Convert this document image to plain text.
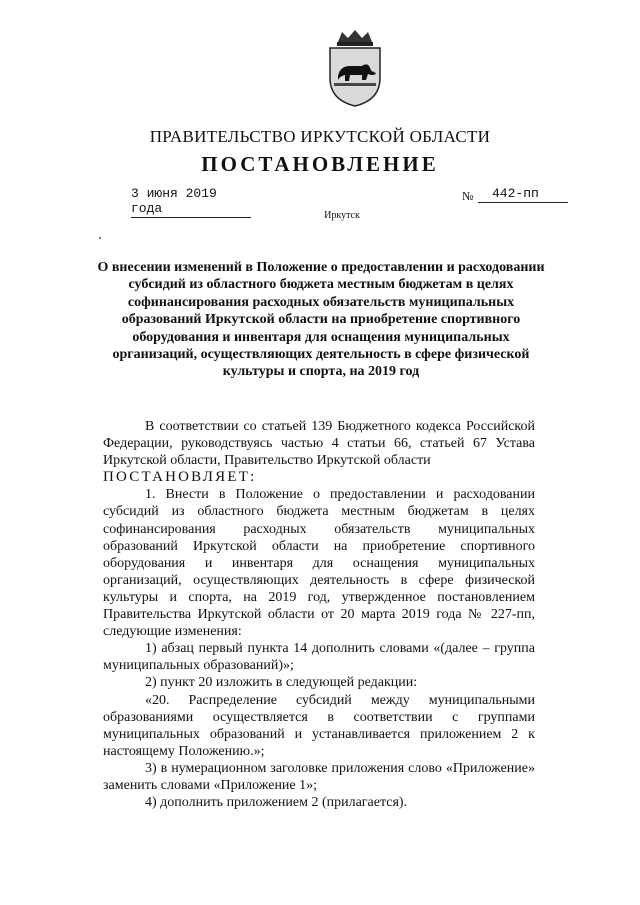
ПРАВИТЕЛЬСТВО ИРКУТСКОЙ ОБЛАСТИ
ПОСТАНОВЛЕНИЕ
3 июня 2019 года
№	442-пп
Иркутск
О внесении изменений в Положение о предоставлении и расходовании субсидий из областного бюджета местным бюджетам в целях софинансирования расходных обязательств муниципальных образований Иркутской области на приобретение спортивного оборудования и инвентаря для оснащения муниципальных организаций, осуществляющих деятельность в сфере физической культуры и спорта, на 2019 год

В соответствии со статьей 139 Бюджетного кодекса Российской Федерации, руководствуясь частью 4 статьи 66, статьей 67 Устава Иркутской области, Правительство Иркутской области

ПОСТАНОВЛЯЕТ:

1. Внести в Положение о предоставлении и расходовании субсидий из областного бюджета местным бюджетам в целях софинансирования расходных обязательств муниципальных образований Иркутской области на приобретение спортивного оборудования и инвентаря для оснащения муниципальных организаций, осуществляющих деятельность в сфере физической культуры и спорта, на 2019 год, утвержденное постановлением Правительства Иркутской области от 20 марта 2019 года № 227-пп, следующие изменения:

1) абзац первый пункта 14 дополнить словами «(далее – группа муниципальных образований)»;

2) пункт 20 изложить в следующей редакции:

«20. Распределение субсидий между муниципальными образованиями осуществляется в соответствии с группами муниципальных образований и устанавливается приложением 2 к настоящему Положению.»;

3) в нумерационном заголовке приложения слово «Приложение» заменить словами «Приложение 1»;

4) дополнить приложением 2 (прилагается).
